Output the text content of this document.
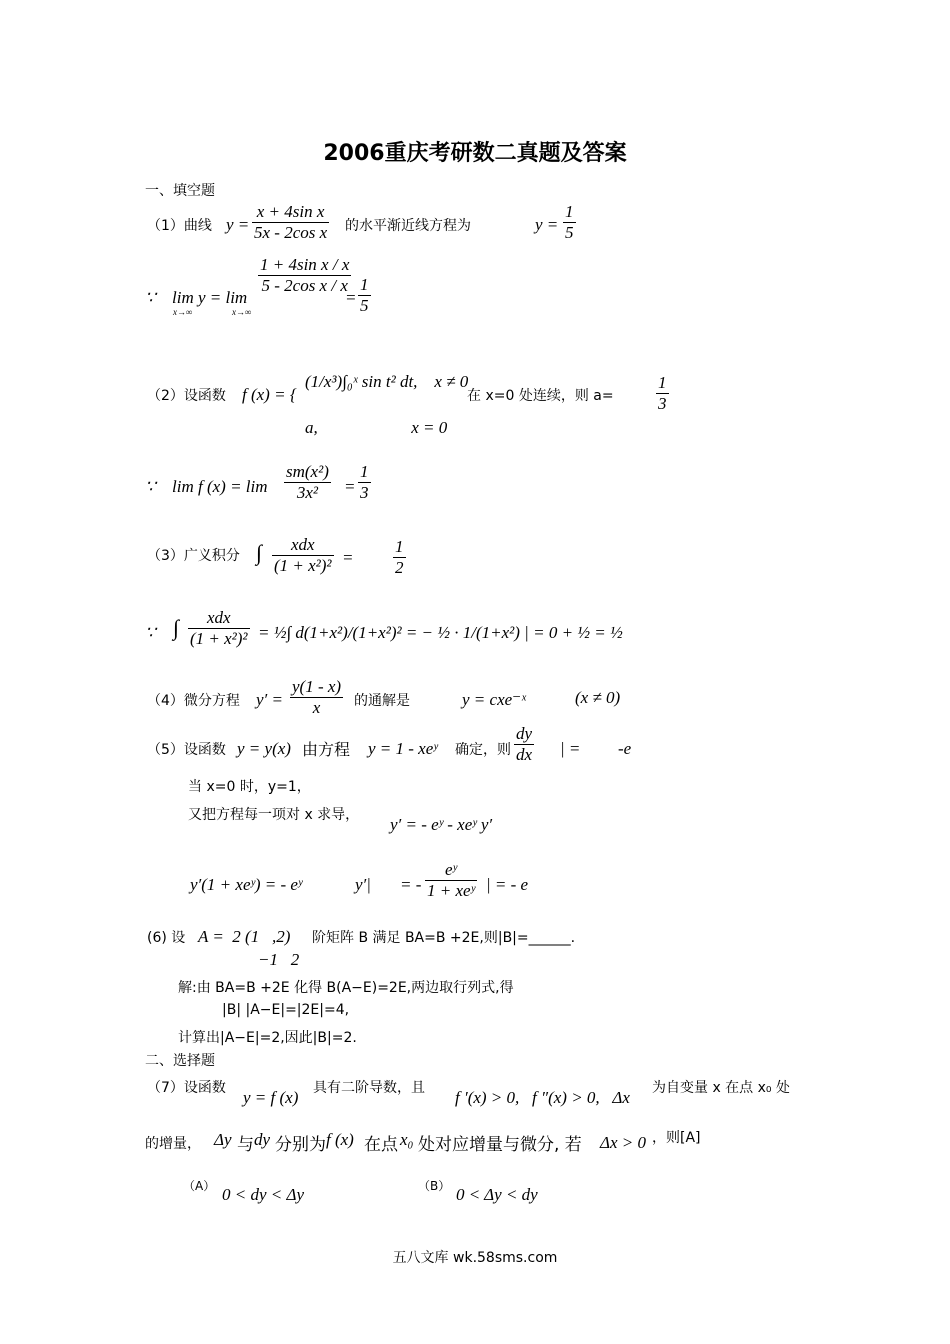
2006重庆考研数二真题及答案
一、填空题
（1）曲线 $y = \frac{\text{x + 4sin x}}{\text{5x - 2cos x}}$ 的水平渐近线方程为	$y = \frac{1}{5}$
∵ lim y = lim
x→∞	x→∞
$\frac{\text{1 + 4sin x / x}}{\text{5 - 2cos x / x}}$
= $\frac{1}{5}$
（2）设函数 f (x) = {
(1/x³)∫₀ˣ sin t² dt,    x ≠ 0
a,                      x = 0
在 x=0 处连续，则 $a= \frac{1}{3}$
∵ lim f $(x) = \lim \frac{\text{sm(x²)}}{\text{3x²}} = \frac{1}{3}$
（3）广义积分 ∫	xdx
$(1 + x^2)^2 = \frac{1}{2}$
∵ ∫	xdx
(1 + x²)² = ½∫ d(1+x²)/(1+x²)² = − ½ · 1/(1+x²) | = 0 + ½ = ½
（4）微分方程 $y' = \frac{y(1 - x)}{x}$ 的通解是	y = cxe⁻ˣ	(x ≠ 0)
（5）设函数 y = y(x) 由方程 y = 1 - xeʸ 确定，则 $\frac{dy}{dx}$ | = -e
当 x=0 时，y=1，
又把方程每一项对 x 求导， y′ = - eʸ - xeʸ y′
y′(1 + xeʸ) = - eʸ	y′| = -
eʸ
1 + xeʸ | = - e
(6) 设 A =  2 (1   ,2)
−1   2
阶矩阵 B 满足 BA=B +2E,则|B|=______.
解:由 BA=B +2E 化得 B(A−E)=2E,两边取行列式,得
|B| |A−E|=|2E|=4,
计算出|A−E|=2,因此|B|=2.
二、选择题
（7）设函数 y = f (x) 具有二阶导数，且 f ′(x) > 0,   f ″(x) > 0,   Δx 为自变量 x 在点 x₀ 处
的增量， Δy 与 dy 分别为 f (x) 在点 x₀ 处对应增量与微分, 若 Δx > 0 ，则[A]
（A） 0 < dy < Δy	（B） 0 < Δy < dy
五八文库 wk.58sms.com
